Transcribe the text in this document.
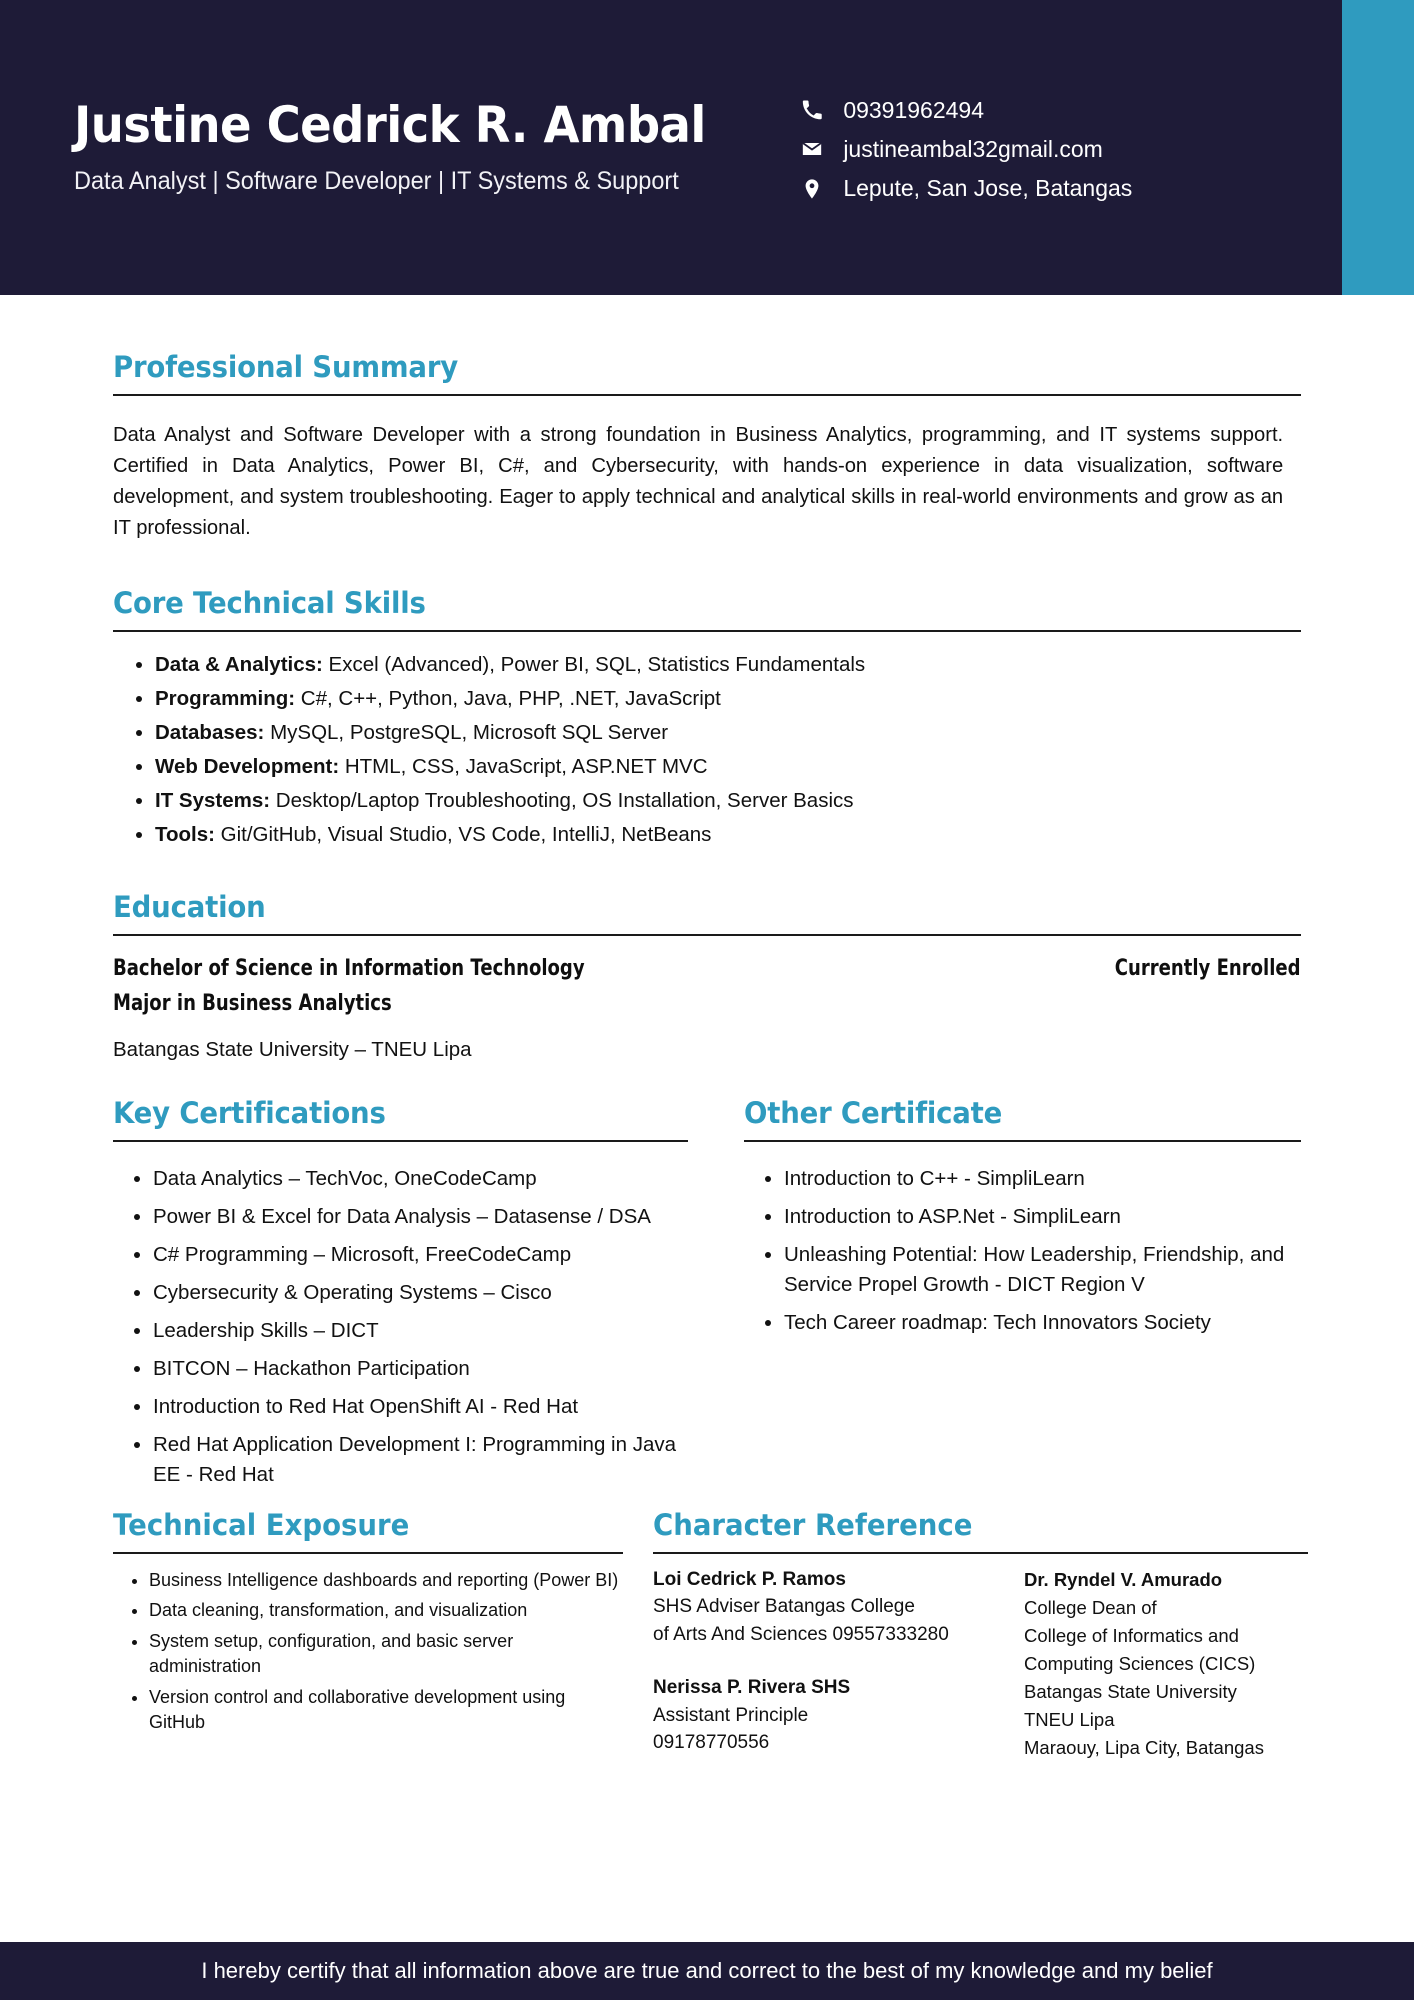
Justine Cedrick R. Ambal
Data Analyst | Software Developer | IT Systems & Support
09391962494
justineambal32gmail.com
Lepute, San Jose, Batangas
Professional Summary

Data Analyst and Software Developer with a strong foundation in Business Analytics, programming, and IT systems support. Certified in Data Analytics, Power BI, C#, and Cybersecurity, with hands-on experience in data visualization, software development, and system troubleshooting. Eager to apply technical and analytical skills in real-world environments and grow as an IT professional.

Core Technical Skills
• Data & Analytics: Excel (Advanced), Power BI, SQL, Statistics Fundamentals
• Programming: C#, C++, Python, Java, PHP, .NET, JavaScript
• Databases: MySQL, PostgreSQL, Microsoft SQL Server
• Web Development: HTML, CSS, JavaScript, ASP.NET MVC
• IT Systems: Desktop/Laptop Troubleshooting, OS Installation, Server Basics
• Tools: Git/GitHub, Visual Studio, VS Code, IntelliJ, NetBeans
Education
Bachelor of Science in Information Technology	Currently Enrolled
Major in Business Analytics
Batangas State University – TNEU Lipa
Key Certifications
• Data Analytics – TechVoc, OneCodeCamp
• Power BI & Excel for Data Analysis – Datasense / DSA
• C# Programming – Microsoft, FreeCodeCamp
• Cybersecurity & Operating Systems – Cisco
• Leadership Skills – DICT
• BITCON – Hackathon Participation
• Introduction to Red Hat OpenShift AI - Red Hat
• Red Hat Application Development I: Programming in Java EE - Red Hat
Other Certificate
• Introduction to C++ - SimpliLearn
• Introduction to ASP.Net - SimpliLearn
• Unleashing Potential: How Leadership, Friendship, and Service Propel Growth - DICT Region V
• Tech Career roadmap: Tech Innovators Society
Technical Exposure
• Business Intelligence dashboards and reporting (Power BI)
• Data cleaning, transformation, and visualization
• System setup, configuration, and basic server administration
• Version control and collaborative development using GitHub
Character Reference
Loi Cedrick P. Ramos
SHS Adviser Batangas College
of Arts And Sciences 09557333280
Nerissa P. Rivera SHS
Assistant Principle
09178770556
Dr. Ryndel V. Amurado
College Dean of
College of Informatics and
Computing Sciences (CICS)
Batangas State University
TNEU Lipa
Maraouy, Lipa City, Batangas
I hereby certify that all information above are true and correct to the best of my knowledge and my belief
